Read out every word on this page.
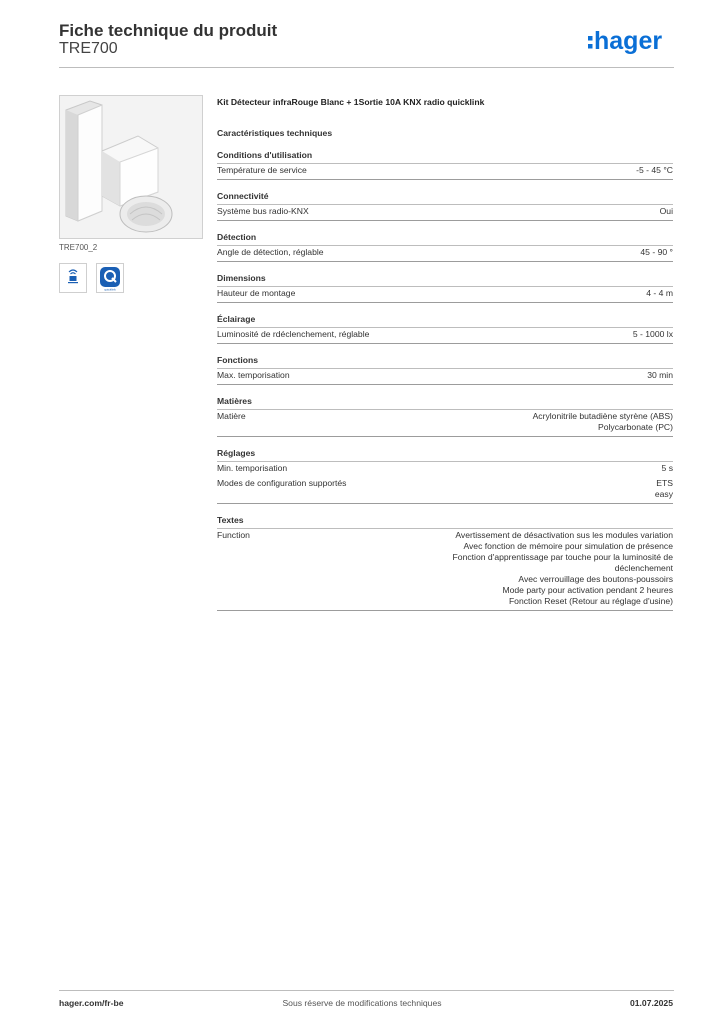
Fiche technique du produit
TRE700	hager
TRE700_2
quicklink
Kit Détecteur infraRouge Blanc + 1Sortie 10A KNX radio quicklink
Caractéristiques techniques
Conditions d'utilisation
Température de service	-5 - 45 °C
Connectivité
Système bus radio-KNX	Oui
Détection
Angle de détection, réglable	45 - 90 °
Dimensions
Hauteur de montage	4 - 4 m
Éclairage
Luminosité de rdéclenchement, réglable	5 - 1000 lx
Fonctions
Max. temporisation	30 min
Matières
Matière	Acrylonitrile butadiène styrène (ABS)
Polycarbonate (PC)
Réglages
Min. temporisation	5 s
Modes de configuration supportés	ETS
easy
Textes
Function	Avertissement de désactivation sus les modules variation
Avec fonction de mémoire pour simulation de présence
Fonction d'apprentissage par touche pour la luminosité de
déclenchement
Avec verrouillage des boutons-poussoirs
Mode party pour activation pendant 2 heures
Fonction Reset (Retour au réglage d'usine)
hager.com/fr-be	Sous réserve de modifications techniques	01.07.2025
